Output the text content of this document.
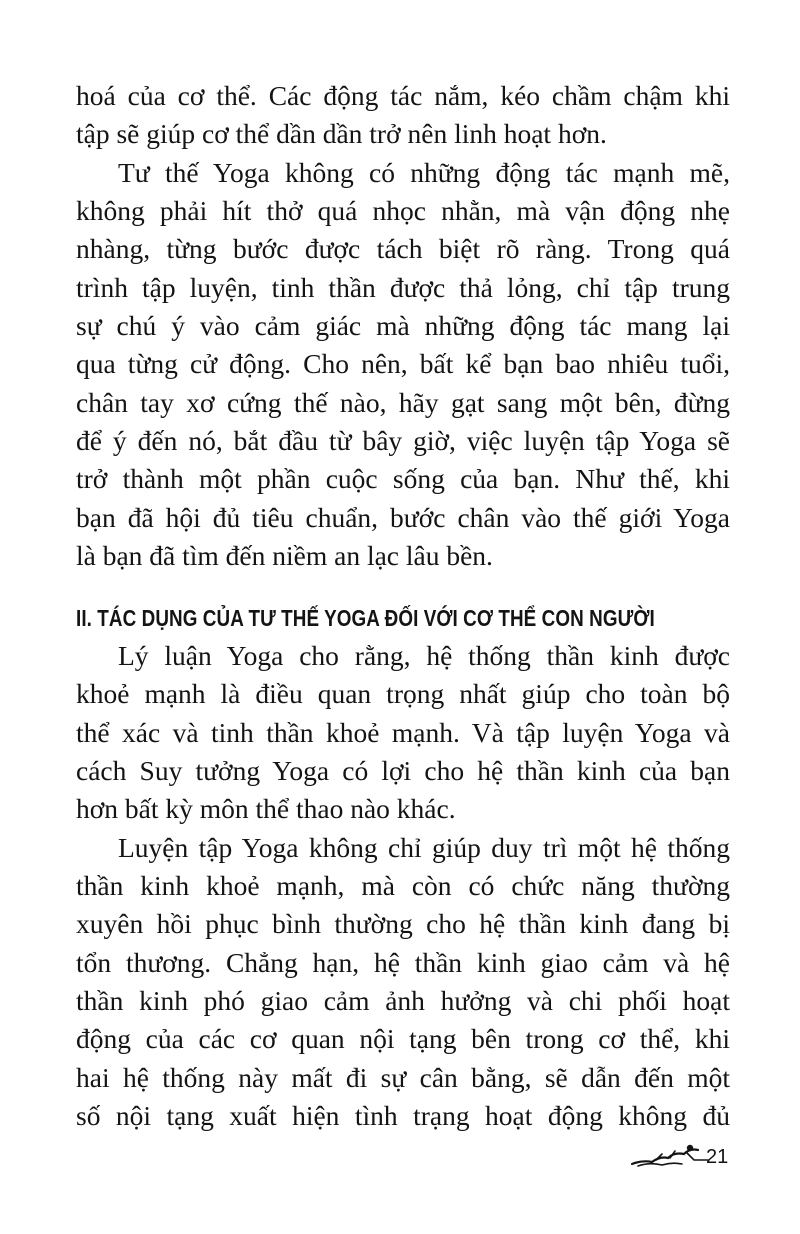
hoá của cơ thể. Các động tác nắm, kéo chầm chậm khi
tập sẽ giúp cơ thể dần dần trở nên linh hoạt hơn.
Tư thế Yoga không có những động tác mạnh mẽ,
không phải hít thở quá nhọc nhằn, mà vận động nhẹ
nhàng, từng bước được tách biệt rõ ràng. Trong quá
trình tập luyện, tinh thần được thả lỏng, chỉ tập trung
sự chú ý vào cảm giác mà những động tác mang lại
qua từng cử động. Cho nên, bất kể bạn bao nhiêu tuổi,
chân tay xơ cứng thế nào, hãy gạt sang một bên, đừng
để ý đến nó, bắt đầu từ bây giờ, việc luyện tập Yoga sẽ
trở thành một phần cuộc sống của bạn. Như thế, khi
bạn đã hội đủ tiêu chuẩn, bước chân vào thế giới Yoga
là bạn đã tìm đến niềm an lạc lâu bền.
II. TÁC DỤNG CỦA TƯ THẾ YOGA ĐỐI VỚI CƠ THỂ CON NGƯỜI
Lý luận Yoga cho rằng, hệ thống thần kinh được
khoẻ mạnh là điều quan trọng nhất giúp cho toàn bộ
thể xác và tinh thần khoẻ mạnh. Và tập luyện Yoga và
cách Suy tưởng Yoga có lợi cho hệ thần kinh của bạn
hơn bất kỳ môn thể thao nào khác.
Luyện tập Yoga không chỉ giúp duy trì một hệ thống
thần kinh khoẻ mạnh, mà còn có chức năng thường
xuyên hồi phục bình thường cho hệ thần kinh đang bị
tổn thương. Chẳng hạn, hệ thần kinh giao cảm và hệ
thần kinh phó giao cảm ảnh hưởng và chi phối hoạt
động của các cơ quan nội tạng bên trong cơ thể, khi
hai hệ thống này mất đi sự cân bằng, sẽ dẫn đến một
số nội tạng xuất hiện tình trạng hoạt động không đủ
21
